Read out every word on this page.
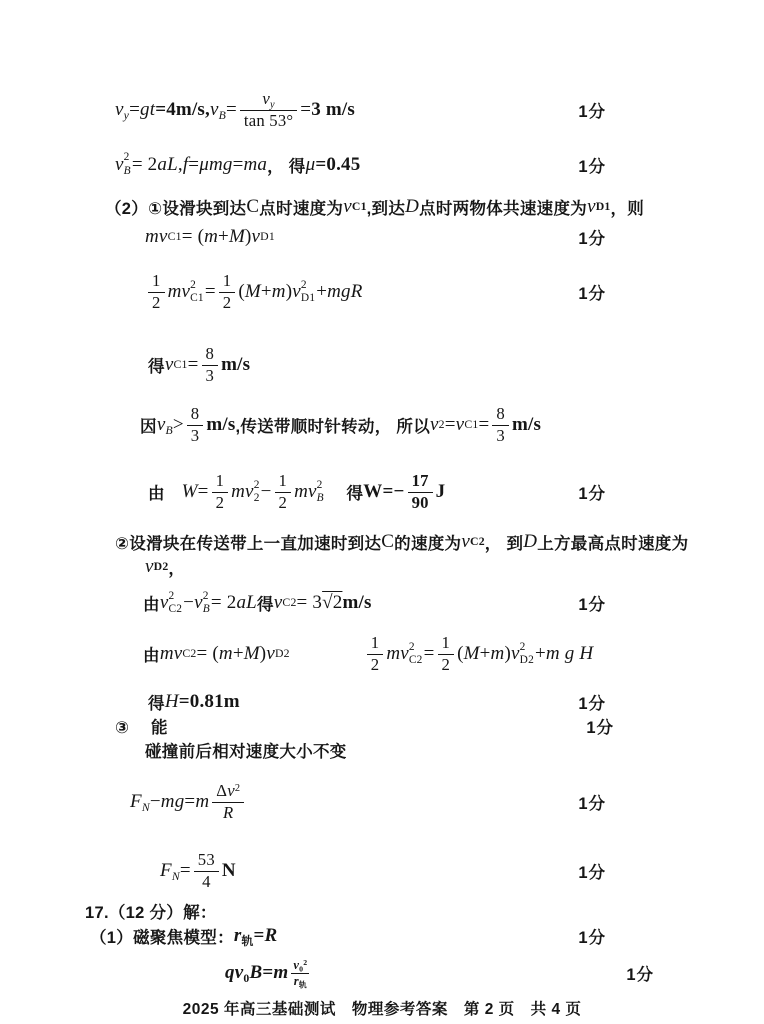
$v_y$ = gt =4m/s, $v_B$ =
$v_y$
tan 53° = 3 m/s	1分
v 2
B = 2 aL , f = μmg = ma ， 得 μ =0.45	1分
（2）①设滑块到达 C 点时速度为 v C1 ,到达 D 点时两物体共速速度为 v D1 ，则
mv C1 = ( m + M ) v D1	1分
1
2 mv 2
C1 =
1
2 ( M + m ) v 2
D1 + mgR	1分
得 v C1 =
8
3 m/s
因 $v_B$ >
8
3 m/s ,传送带顺时针转动， 所以 v 2 = v C1 =
8
3 m/s
由　 W =
1
2 mv 2
2 −
1
2 mv 2
B 　 得 $W=- \frac{17}{90}$ J	1分
②设滑块在传送带上一直加速时到达 C 的速度为 v C2 ， 到 D 上方最高点时速度为
v D2 ，
由 v 2
C2 − v 2
B = 2 aL 得 v C2 = 3 √2 m/s	1分
由 mv C2 = ( m + M ) v D2
1
2 mv 2
C2 =
1
2 ( M + m ) v 2
D2 + m g H
得 H =0.81m	1分
③　 能	1分
碰撞前后相对速度大小不变
$F_N$ − mg = m
$\Delta v^2$
R	1分
$F_N$ =
53
4 N	1分
17.（12 分）解：
（1）磁聚焦模型： $r_轨=R$	1分
$qv_0B=m$ $v_0^2$
$r_轨$
1分
2025 年高三基础测试　物理参考答案　第 2 页　共 4 页
